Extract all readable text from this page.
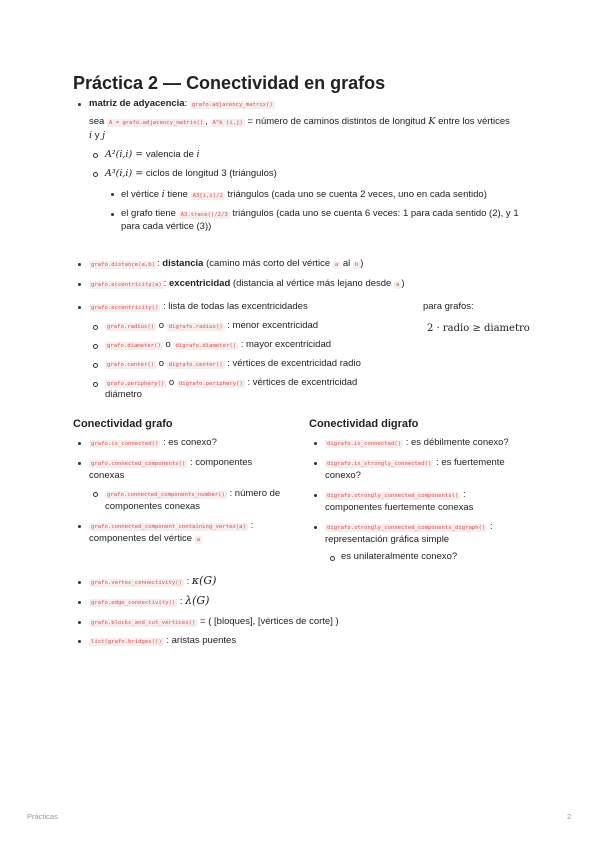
Práctica 2 — Conectividad en grafos
matriz de adyacencia: grafo.adjacency_matrix()
sea A = grafo.adjacency_matrix() , A^k (i,j) = número de caminos distintos de longitud K entre los vértices
i y j
A²(i,i) = valencia de i
A³(i,i) = ciclos de longitud 3 (triángulos)
el vértice i tiene A3[i,i]/2 triángulos (cada uno se cuenta 2 veces, uno en cada sentido)
el grafo tiene A3.trace()/2/3 triángulos (cada uno se cuenta 6 veces: 1 para cada sentido (2), y 1
para cada vértice (3))
grafo.distance(a,b) : distancia (camino más corto del vértice a al b )
grafo.eccentricity(a) : excentricidad (distancia al vértice más lejano desde a )
grafo.eccentricity() : lista de todas las excentricidades	para grafos:
2 · radio ≥ diametro
grafo.radius() o digrafo.radius() : menor excentricidad
grafo.diameter() o digrafo.diameter() : mayor excentricidad
grafo.center() o digrafo.center() : vértices de excentricidad radio
grafo.periphery() o digrafo.periphery() : vértices de excentricidad
diámetro
Conectividad grafo
grafo.is_connected() : es conexo?
grafo.connected_components() : componentes
conexas
grafo.connected_components_number() : número de
componentes conexas
grafo.connected_component_containing_vertex(a) :
componentes del vértice a
Conectividad digrafo
digrafo.is_connected() : es débilmente conexo?
digrafo.is_strongly_connected() : es fuertemente
conexo?
digrafo.strongly_connected_components() :
componentes fuertemente conexas
digrafo.strongly_connected_components_digraph() :
representación gráfica simple
es unilateralmente conexo?
grafo.vertex_connectivity() : κ(G)
grafo.edge_connectivity() : λ(G)
grafo.blocks_and_cut_vertices() = ( [bloques], [vértices de corte] )
list(grafo.bridges()) : aristas puentes
Prácticas	2
